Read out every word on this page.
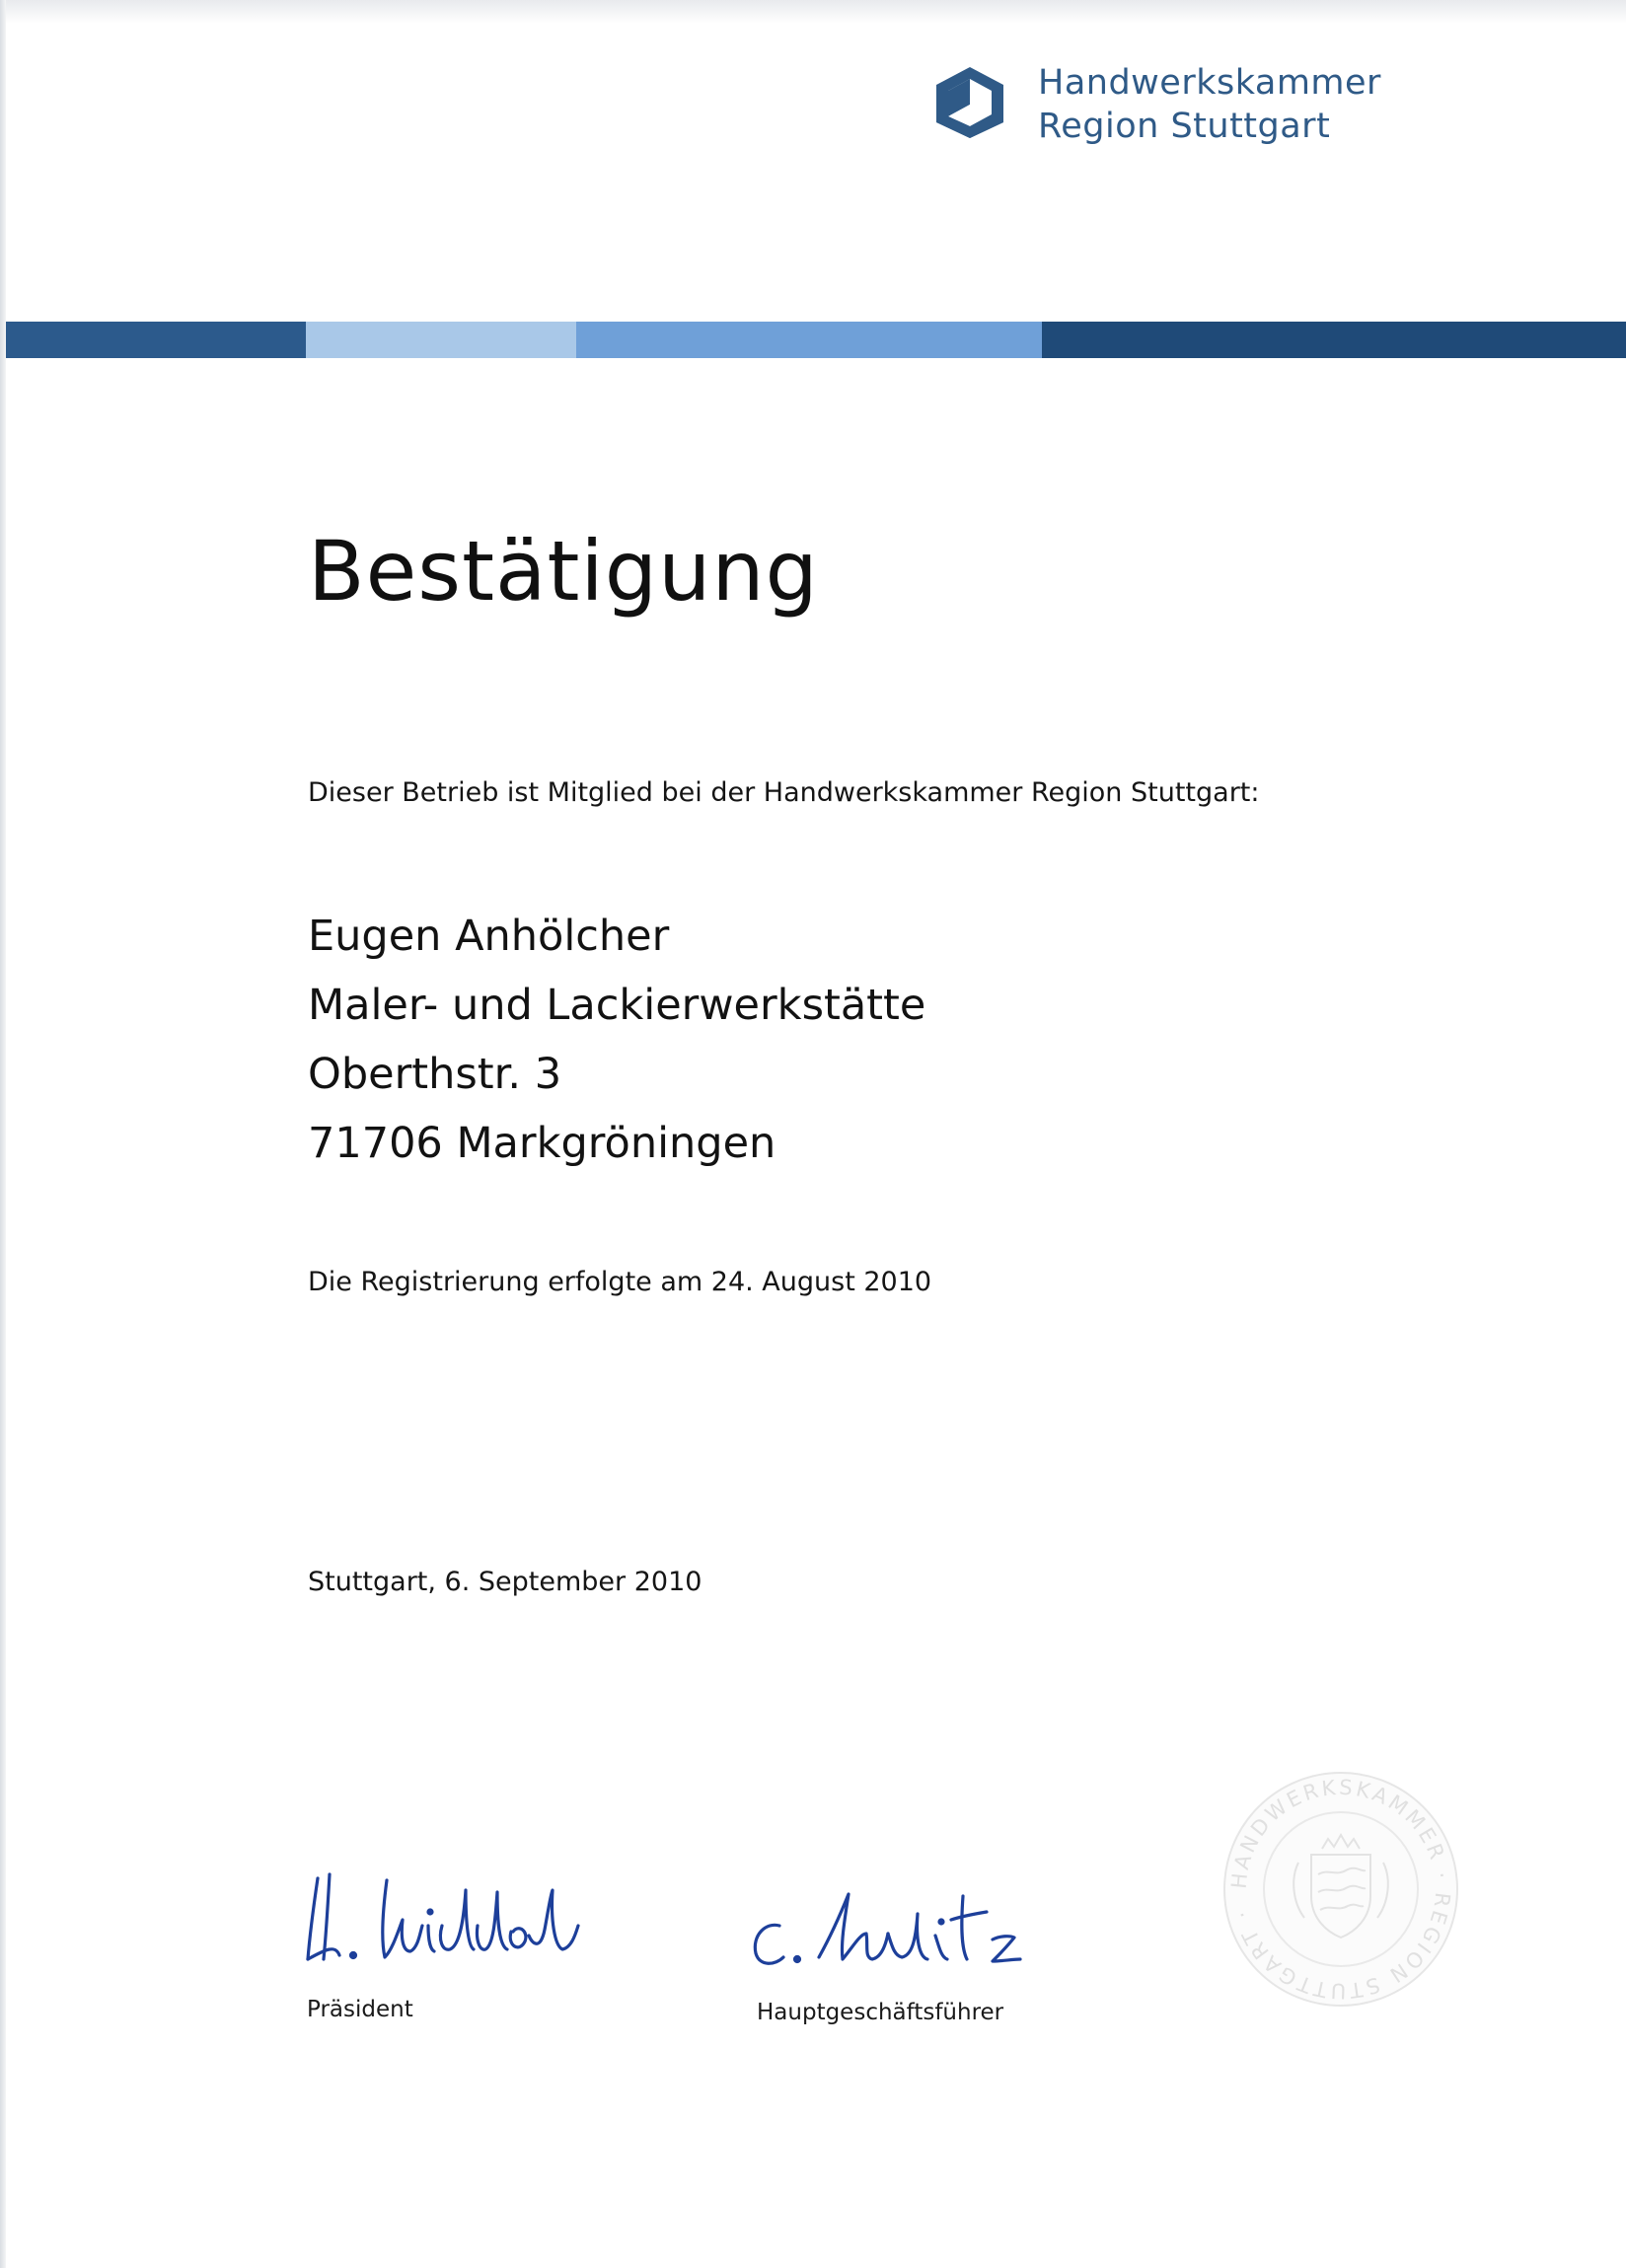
Handwerkskammer
Region Stuttgart
Bestätigung
Dieser Betrieb ist Mitglied bei der Handwerkskammer Region Stuttgart:
Eugen Anhölcher
Maler- und Lackierwerkstätte
Oberthstr. 3
71706 Markgröningen
Die Registrierung erfolgte am 24. August 2010
Stuttgart, 6. September 2010
Präsident	Hauptgeschäftsführer
HANDWERKSKAMMER · REGION STUTTGART ·
